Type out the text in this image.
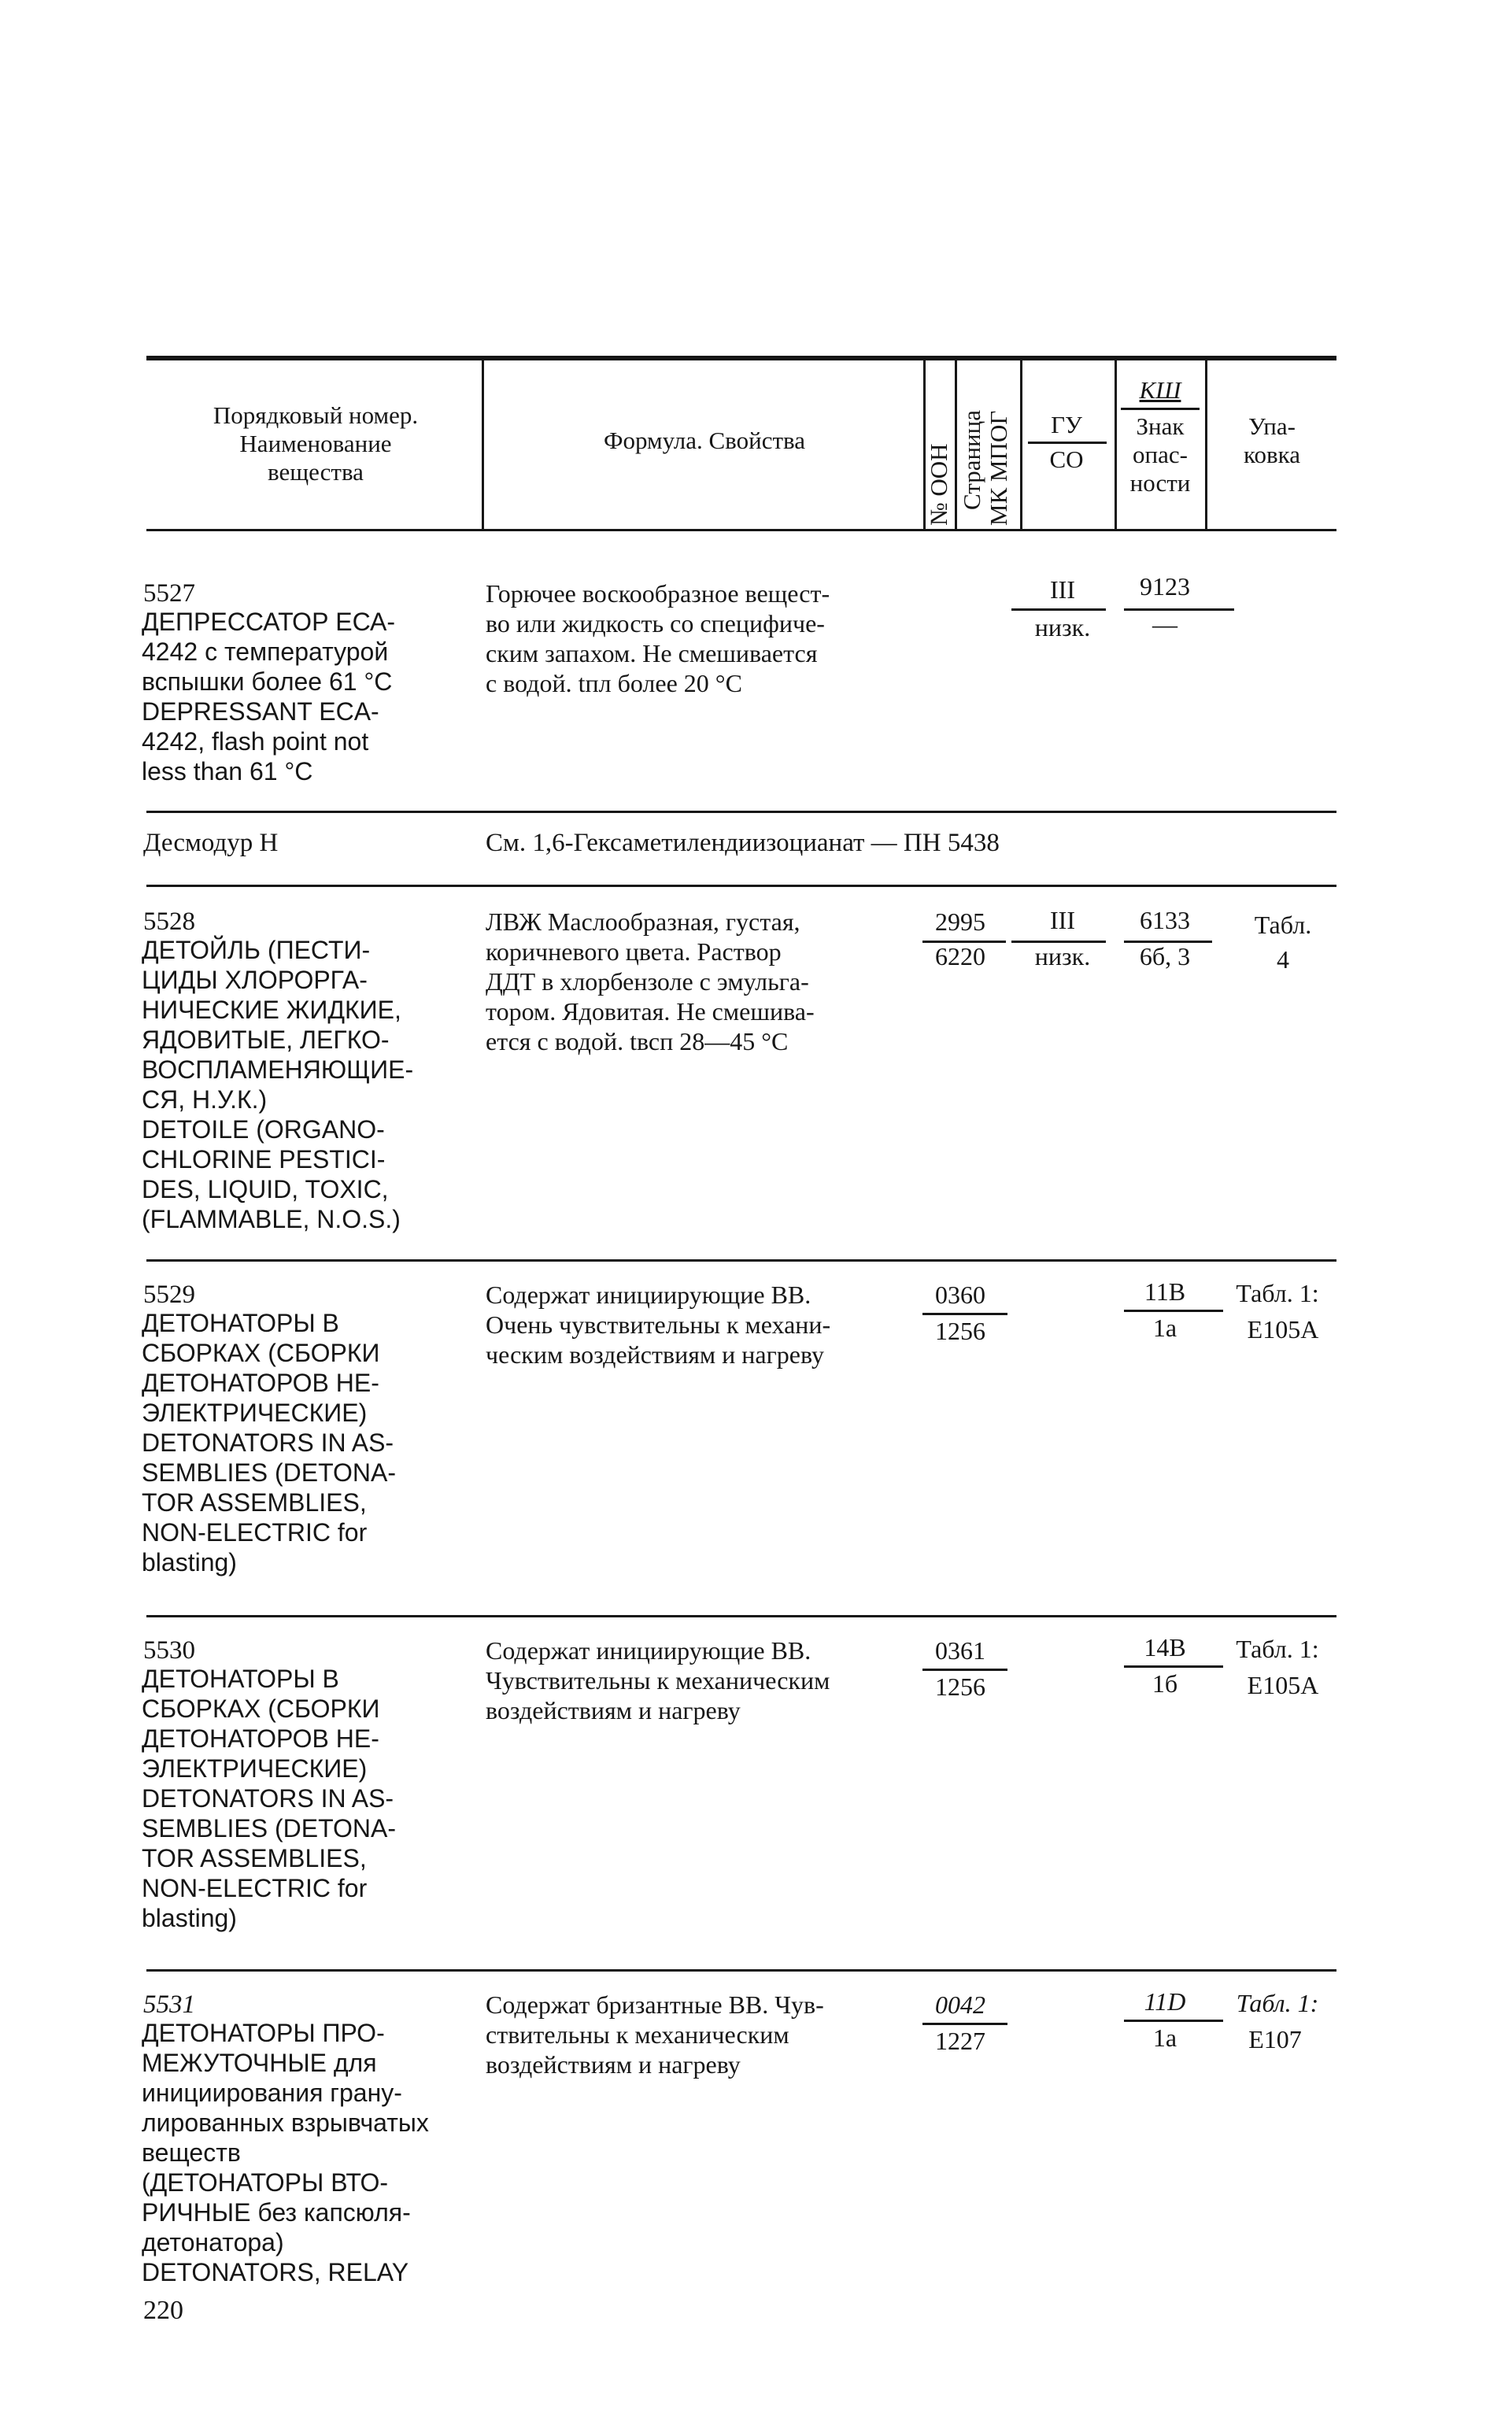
Порядковый номер.
Наименование
вещества
Формула. Свойства
№ ООН Страница МК МПОГ	ГУ
СО
КШ
Знак
опас-
ности
Упа-
ковка
5527
ДЕПРЕССАТОР ЕСА-
4242 с температурой
вспышки более 61 °С
DEPRESSANT ECA-
4242, flash point not
less than 61 °C
Горючее воскообразное вещест-
во или жидкость со специфиче-
ским запахом. Не смешивается
с водой. tпл более 20 °С
III
низк.
9123
—
Десмодур Н	См. 1,6-Гексаметилендиизоцианат — ПН 5438
5528
ДЕТОЙЛЬ (ПЕСТИ-
ЦИДЫ ХЛОРОРГА-
НИЧЕСКИЕ ЖИДКИЕ,
ЯДОВИТЫЕ, ЛЕГКО-
ВОСПЛАМЕНЯЮЩИЕ-
СЯ, Н.У.К.)
DETOILE (ORGANO-
CHLORINE PESTICI-
DES, LIQUID, TOXIC,
(FLAMMABLE, N.O.S.)
ЛВЖ Маслообразная, густая,
коричневого цвета. Раствор
ДДТ в хлорбензоле с эмульга-
тором. Ядовитая. Не смешива-
ется с водой. tвсп 28—45 °С
2995
6220
III
низк.
6133
6б, 3
Табл.
4
5529
ДЕТОНАТОРЫ В
СБОРКАХ (СБОРКИ
ДЕТОНАТОРОВ НЕ-
ЭЛЕКТРИЧЕСКИЕ)
DETONATORS IN AS-
SEMBLIES (DETONA-
TOR ASSEMBLIES,
NON-ELECTRIC for
blasting)
Содержат инициирующие ВВ.
Очень чувствительны к механи-
ческим воздействиям и нагреву
0360
1256
11В
1а
Табл. 1:
Е105А
5530
ДЕТОНАТОРЫ В
СБОРКАХ (СБОРКИ
ДЕТОНАТОРОВ НЕ-
ЭЛЕКТРИЧЕСКИЕ)
DETONATORS IN AS-
SEMBLIES (DETONA-
TOR ASSEMBLIES,
NON-ELECTRIC for
blasting)
Содержат инициирующие ВВ.
Чувствительны к механическим
воздействиям и нагреву
0361
1256
14В
1б
Табл. 1:
Е105А
5531
ДЕТОНАТОРЫ ПРО-
МЕЖУТОЧНЫЕ для
инициирования грану-
лированных взрывчатых
веществ
(ДЕТОНАТОРЫ ВТО-
РИЧНЫЕ без капсюля-
детонатора)
DETONATORS, RELAY
Содержат бризантные ВВ. Чув-
ствительны к механическим
воздействиям и нагреву
0042
1227
11D
1а
Табл. 1:
Е107
220
